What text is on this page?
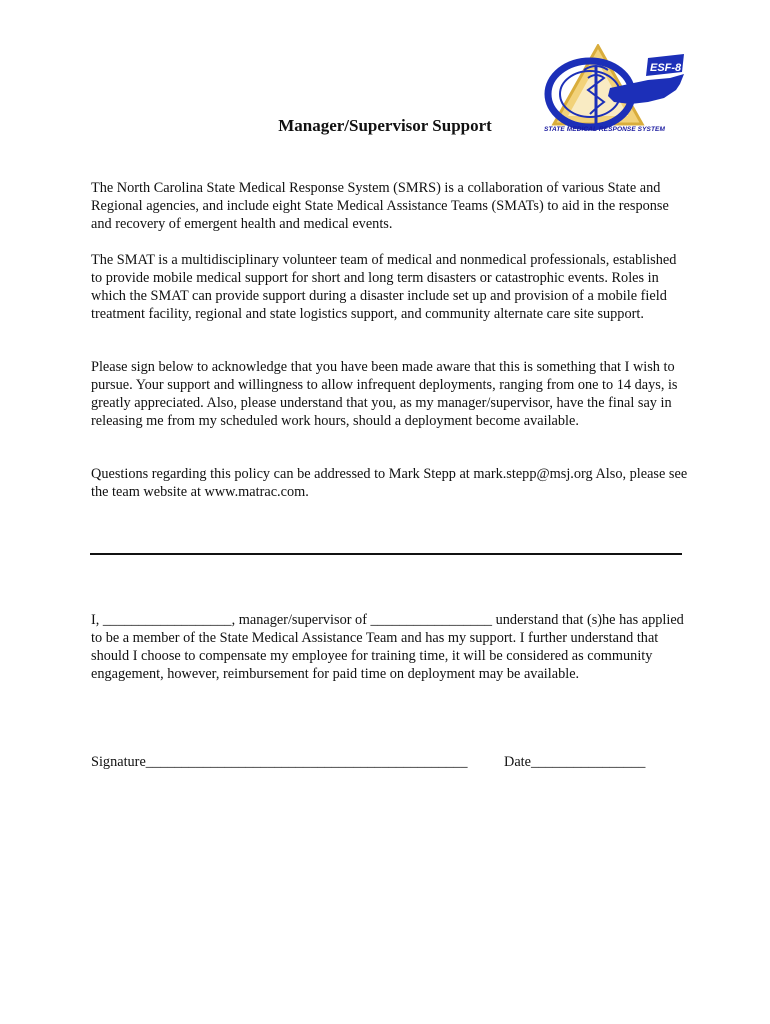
ESF-8
STATE MEDICAL RESPONSE SYSTEM
Manager/Supervisor Support

The North Carolina State Medical Response System (SMRS) is a collaboration of various State and Regional agencies, and include eight State Medical Assistance Teams (SMATs) to aid in the response and recovery of emergent health and medical events.

The SMAT is a multidisciplinary volunteer team of medical and nonmedical professionals, established to provide mobile medical support for short and long term disasters or catastrophic events. Roles in which the SMAT can provide support during a disaster include set up and provision of a mobile field treatment facility, regional and state logistics support, and community alternate care site support.

Please sign below to acknowledge that you have been made aware that this is something that I wish to pursue. Your support and willingness to allow infrequent deployments, ranging from one to 14 days, is greatly appreciated. Also, please understand that you, as my manager/supervisor, have the final say in releasing me from my scheduled work hours, should a deployment become available.

Questions regarding this policy can be addressed to Mark Stepp at mark.stepp@msj.org Also, please see the team website at www.matrac.com.

I, __________________, manager/supervisor of _________________ understand that (s)he has applied to be a member of the State Medical Assistance Team and has my support. I further understand that should I choose to compensate my employee for training time, it will be considered as community engagement, however, reimbursement for paid time on deployment may be available.

Signature_____________________________________________	Date________________
